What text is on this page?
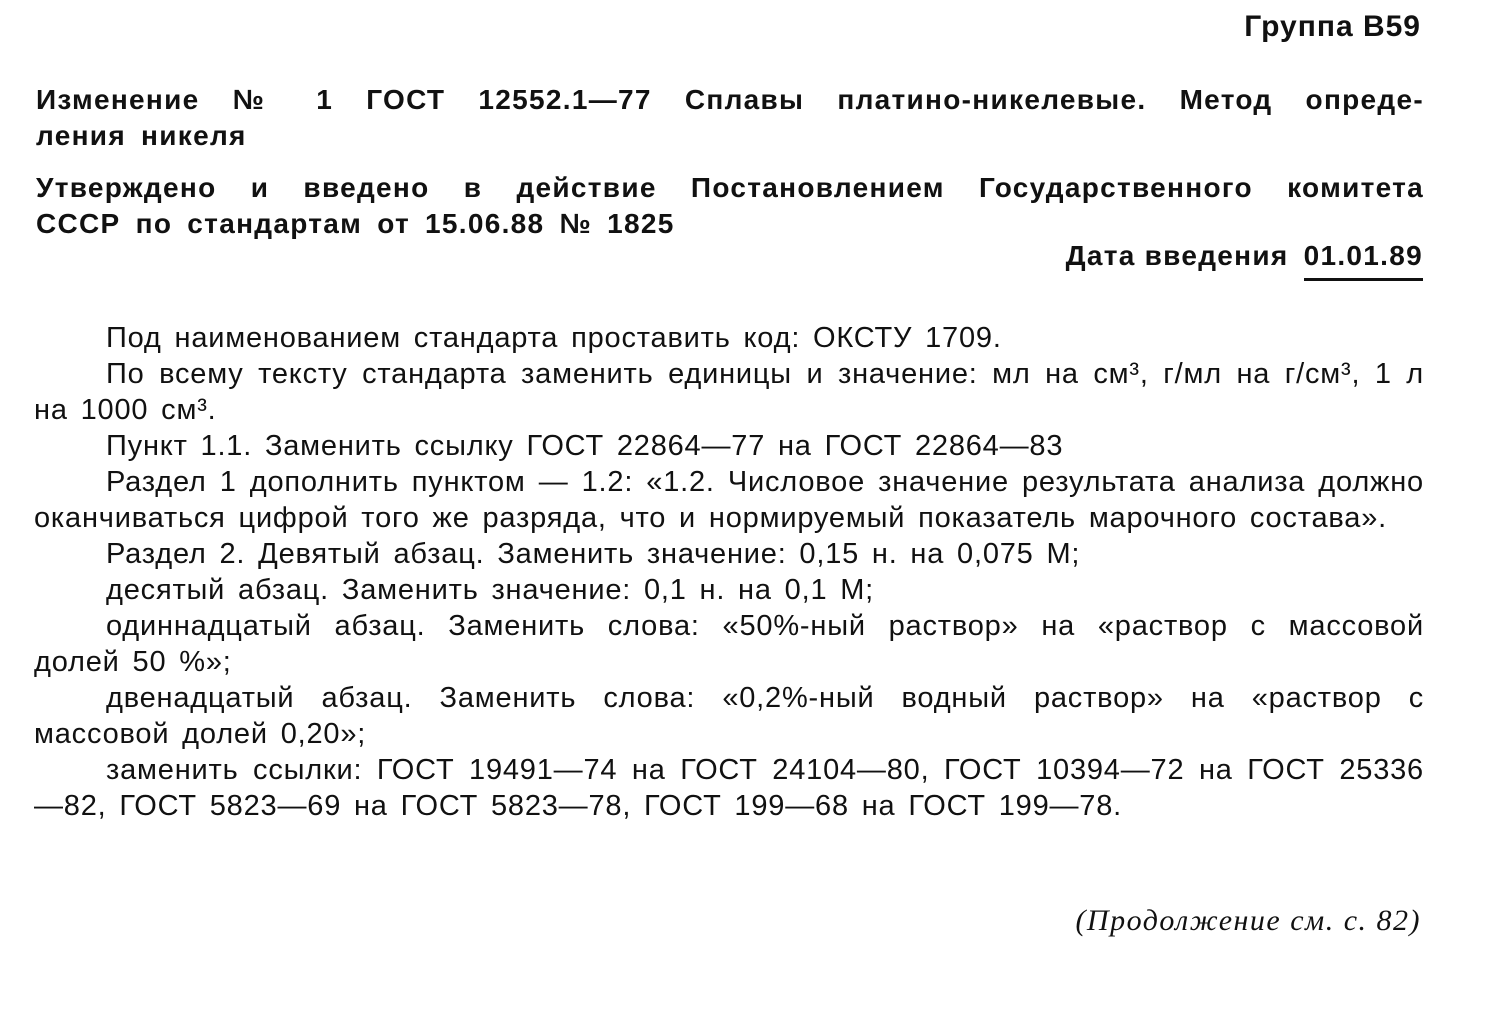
Группа В59
Изменение № 1 ГОСТ 12552.1—77 Сплавы платино-никелевые. Метод опреде-
ления никеля
Утверждено и введено в действие Постановлением Государственного комитета
СССР по стандартам от 15.06.88 № 1825
Дата введения 01.01.89

Под наименованием стандарта проставить код: ОКСТУ 1709.

По всему тексту стандарта заменить единицы и значение: мл на см³, г/мл на г/см³, 1 л на 1000 см³.

Пункт 1.1. Заменить ссылку ГОСТ 22864—77 на ГОСТ 22864—83

Раздел 1 дополнить пунктом — 1.2: «1.2. Числовое значение результата анализа должно оканчиваться цифрой того же разряда, что и нормируемый показатель марочного состава».

Раздел 2. Девятый абзац. Заменить значение: 0,15 н. на 0,075 М;

десятый абзац. Заменить значение: 0,1 н. на 0,1 М;

одиннадцатый абзац. Заменить слова: «50%-ный раствор» на «раствор с массовой долей 50 %»;

двенадцатый абзац. Заменить слова: «0,2%-ный водный раствор» на «раствор с массовой долей 0,20»;

заменить ссылки: ГОСТ 19491—74 на ГОСТ 24104—80, ГОСТ 10394—72 на ГОСТ 25336—82, ГОСТ 5823—69 на ГОСТ 5823—78, ГОСТ 199—68 на ГОСТ 199—78.

(Продолжение см. с. 82)
